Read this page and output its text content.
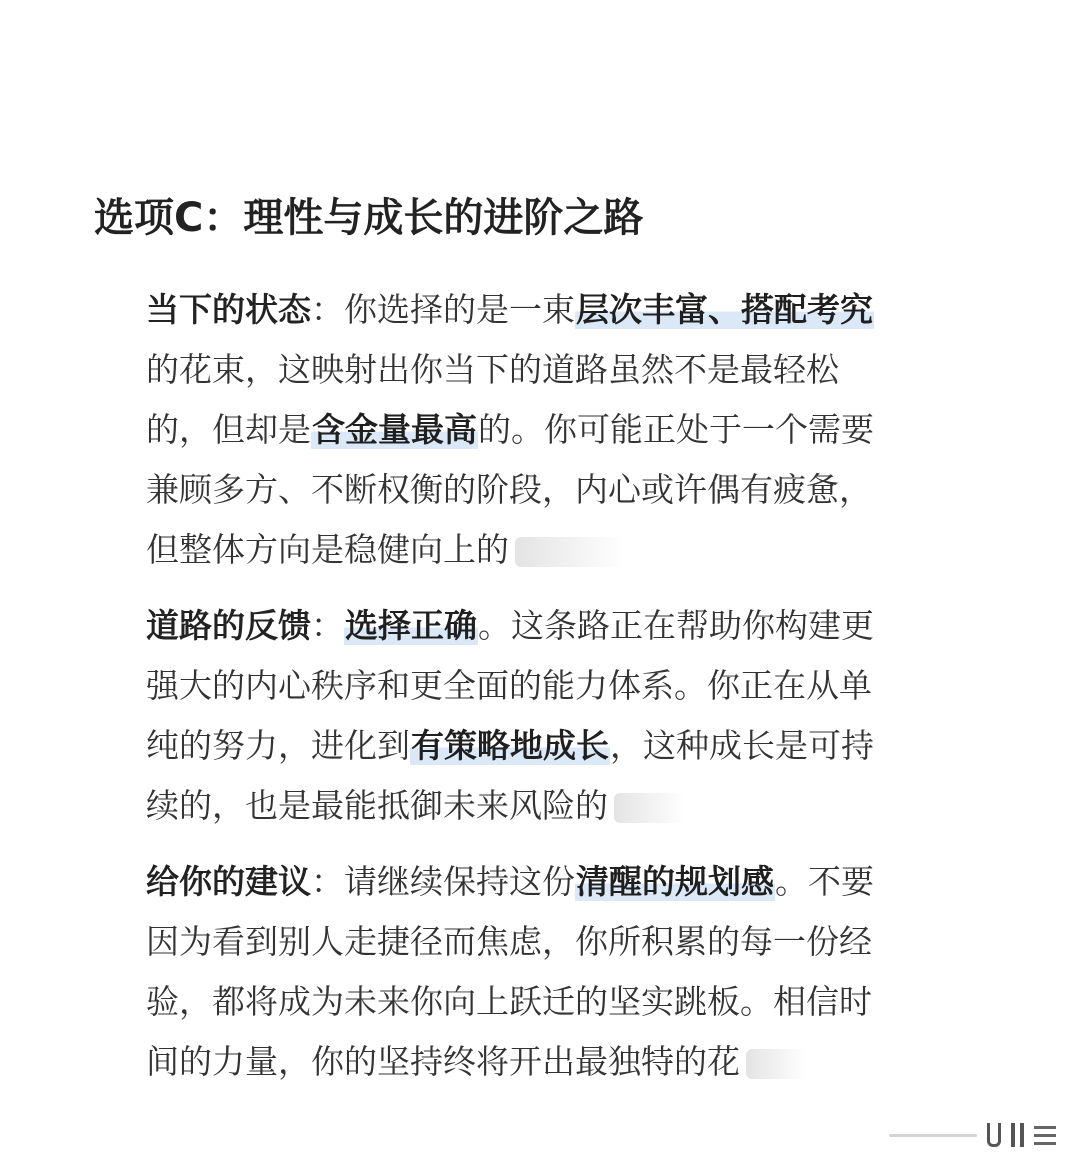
选项C：理性与成长的进阶之路
当下的状态：你选择的是一束层次丰富、搭配考究
的花束，这映射出你当下的道路虽然不是最轻松
的，但却是含金量最高的。你可能正处于一个需要
兼顾多方、不断权衡的阶段，内心或许偶有疲惫，
但整体方向是稳健向上的
道路的反馈：选择正确。这条路正在帮助你构建更
强大的内心秩序和更全面的能力体系。你正在从单
纯的努力，进化到有策略地成长，这种成长是可持
续的，也是最能抵御未来风险的
给你的建议：请继续保持这份清醒的规划感。不要
因为看到别人走捷径而焦虑，你所积累的每一份经
验，都将成为未来你向上跃迁的坚实跳板。相信时
间的力量，你的坚持终将开出最独特的花
